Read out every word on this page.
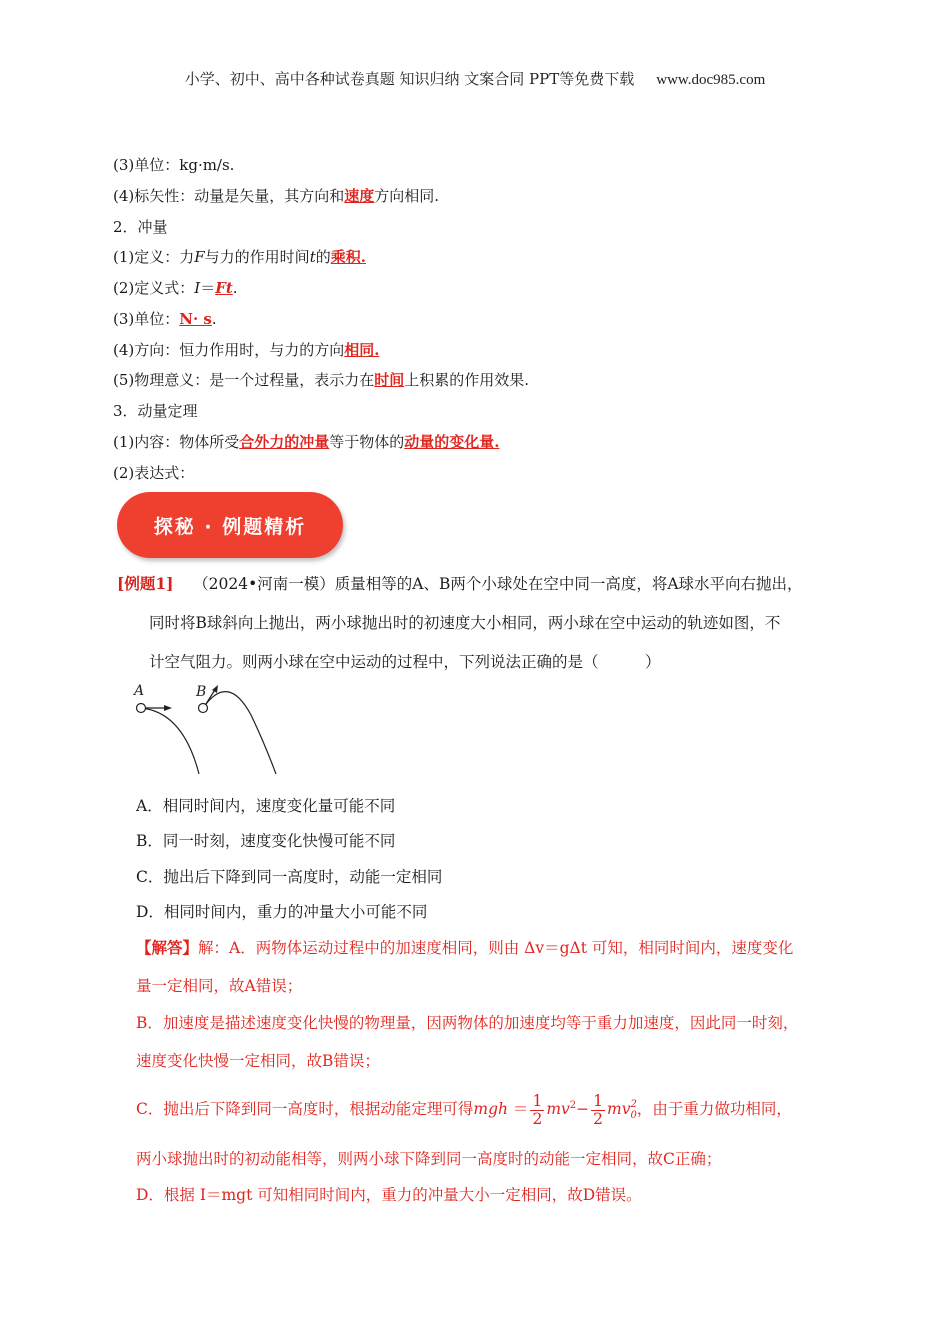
小学、初中、高中各种试卷真题 知识归纳 文案合同 PPT等免费下载 www.doc985.com
(3)单位：kg·m/s.
(4)标矢性：动量是矢量，其方向和速度方向相同.
2．冲量
(1)定义：力F与力的作用时间t的乘积.
(2)定义式：I＝Ft.
(3)单位：N· s.
(4)方向：恒力作用时，与力的方向相同.
(5)物理意义：是一个过程量，表示力在时间上积累的作用效果.
3．动量定理
(1)内容：物体所受合外力的冲量等于物体的动量的变化量.
(2)表达式：
探秘 · 例题精析
[例题1] （2024•河南一模）质量相等的A、B两个小球处在空中同一高度，将A球水平向右抛出，
同时将B球斜向上抛出，两小球抛出时的初速度大小相同，两小球在空中运动的轨迹如图，不
计空气阻力。则两小球在空中运动的过程中，下列说法正确的是（　　　）
A	B
A．相同时间内，速度变化量可能不同
B．同一时刻，速度变化快慢可能不同
C．抛出后下降到同一高度时，动能一定相同
D．相同时间内，重力的冲量大小可能不同
【解答】解：A．两物体运动过程中的加速度相同，则由 Δv＝gΔt 可知，相同时间内，速度变化
量一定相同，故A错误；
B．加速度是描述速度变化快慢的物理量，因两物体的加速度均等于重力加速度，因此同一时刻，
速度变化快慢一定相同，故B错误；
C．抛出后下降到同一高度时，根据动能定理可得mgh ＝ $\frac{1}{2} mv^2- \frac{1}{2}$ mv 2
0 ，由于重力做功相同，
两小球抛出时的初动能相等，则两小球下降到同一高度时的动能一定相同，故C正确；
D．根据 I＝mgt 可知相同时间内，重力的冲量大小一定相同，故D错误。
